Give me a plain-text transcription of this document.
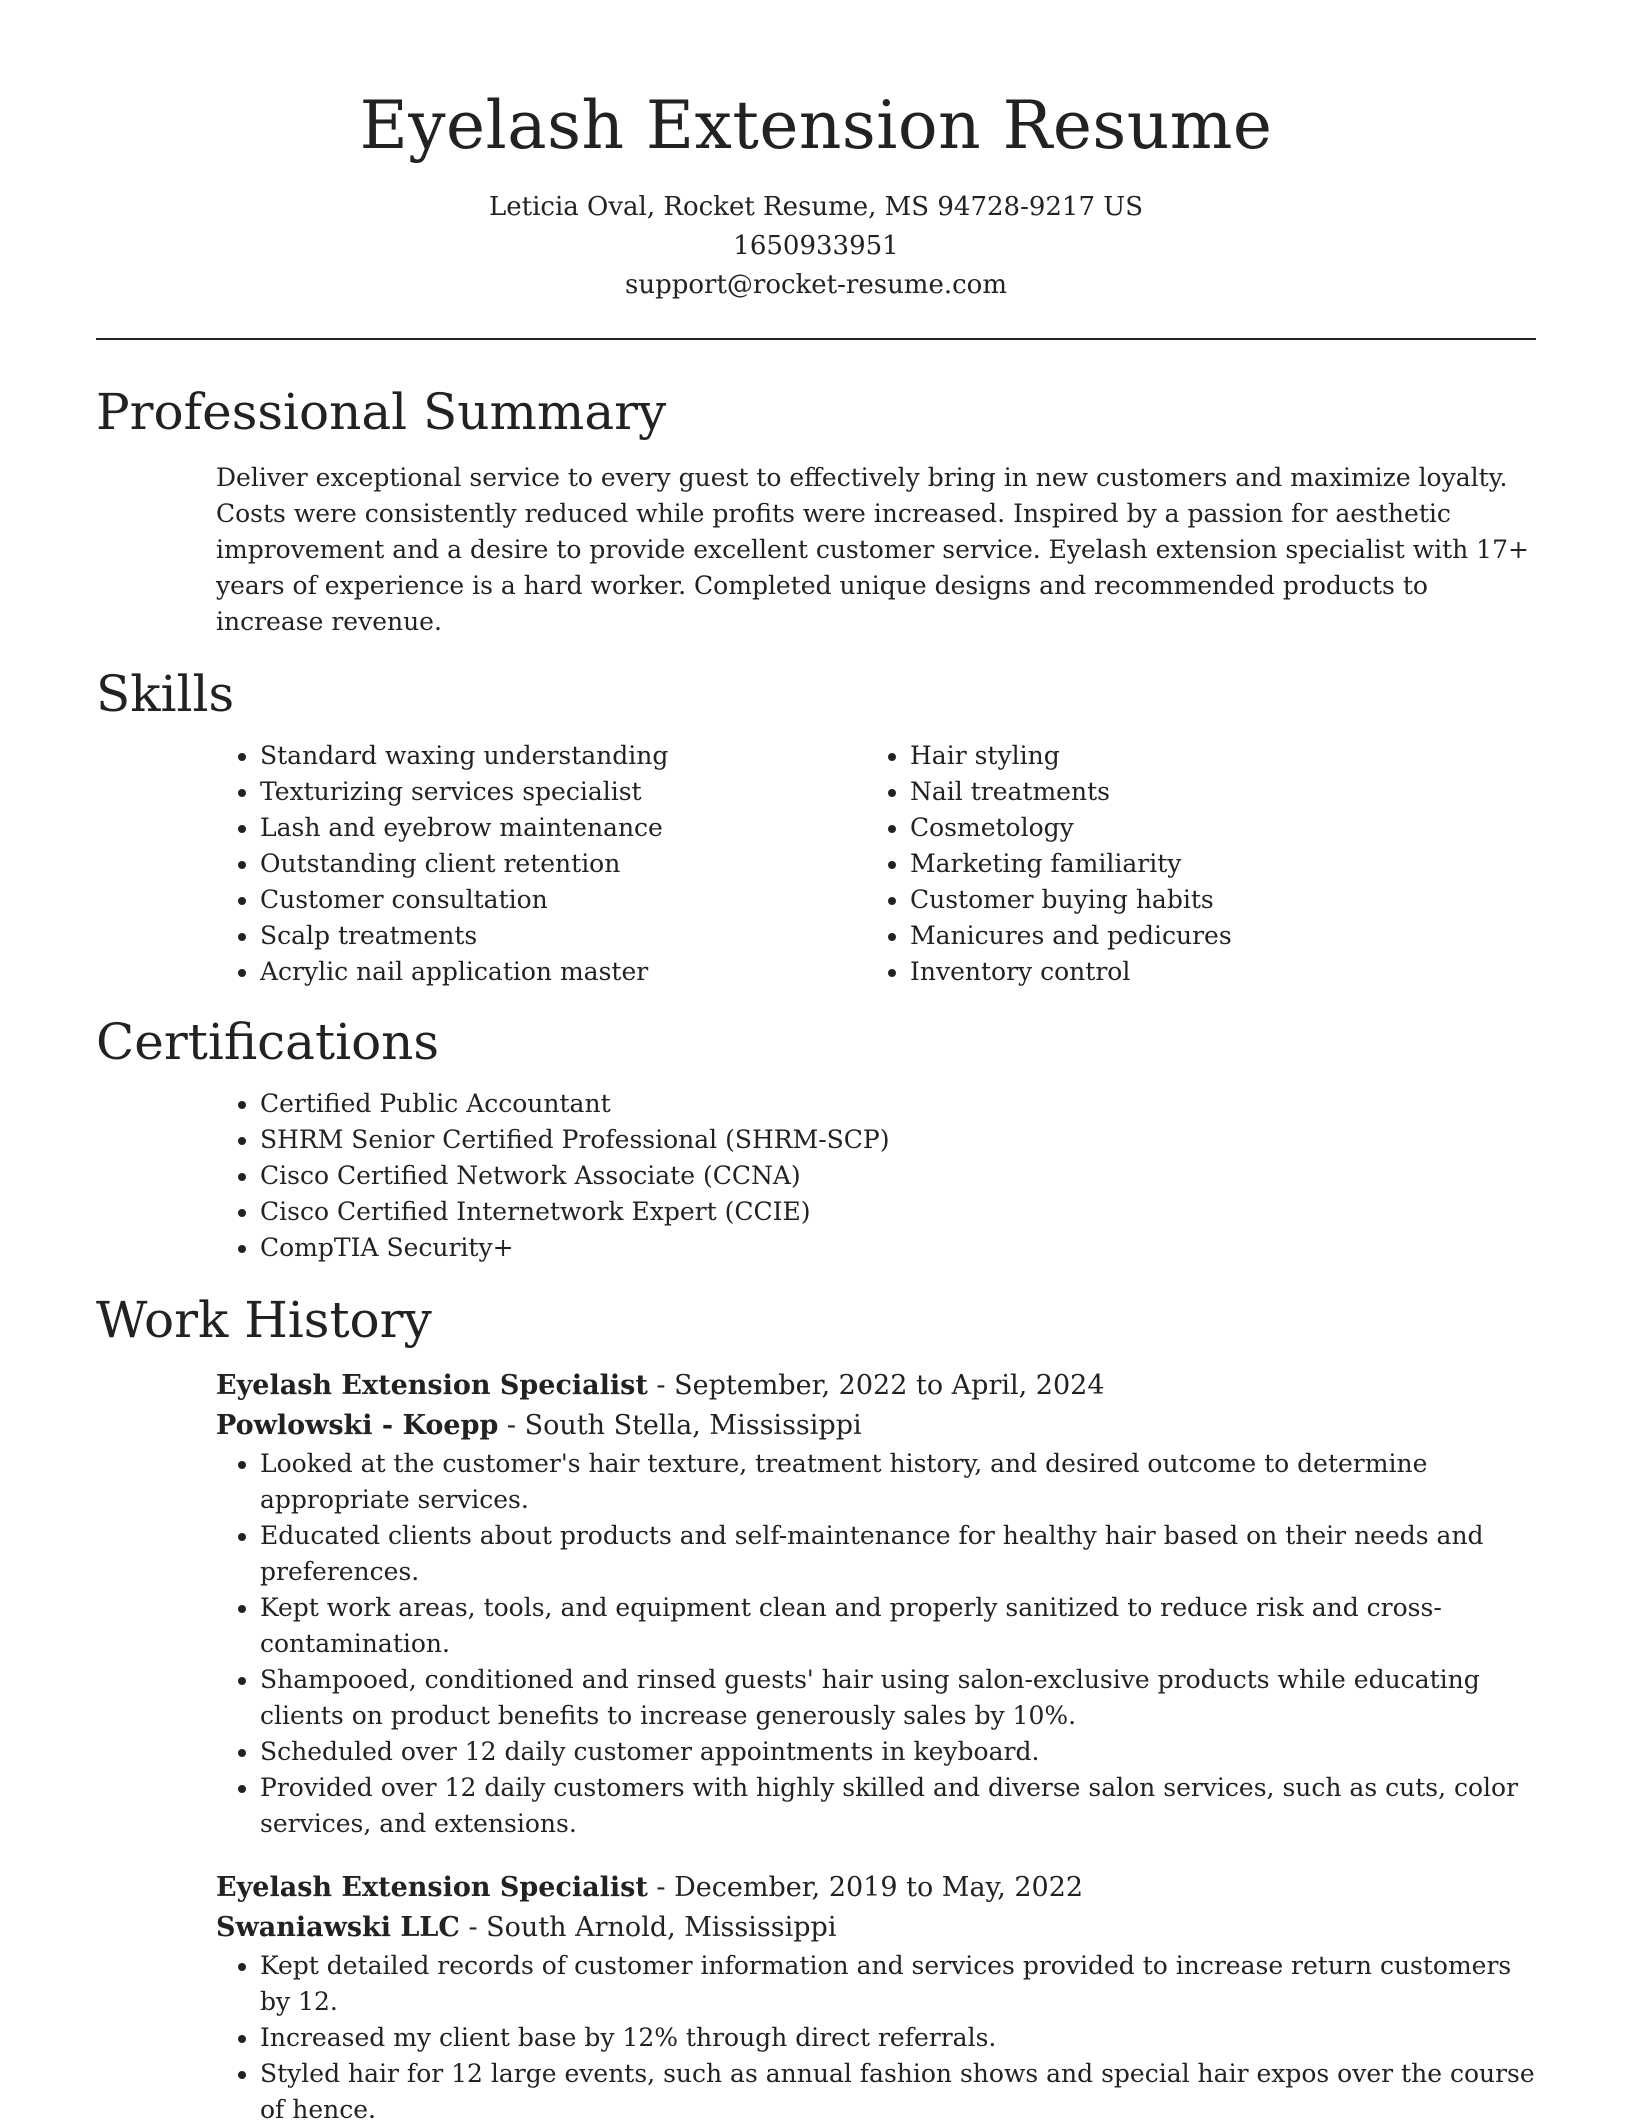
Eyelash Extension Resume
Leticia Oval, Rocket Resume, MS 94728-9217 US
1650933951
support@rocket-resume.com
Professional Summary

Deliver exceptional service to every guest to effectively bring in new customers and maximize loyalty. Costs were consistently reduced while profits were increased. Inspired by a passion for aesthetic improvement and a desire to provide excellent customer service. Eyelash extension specialist with 17+ years of experience is a hard worker. Completed unique designs and recommended products to increase revenue.

Skills
• Standard waxing understanding
• Texturizing services specialist
• Lash and eyebrow maintenance
• Outstanding client retention
• Customer consultation
• Scalp treatments
• Acrylic nail application master
• Hair styling
• Nail treatments
• Cosmetology
• Marketing familiarity
• Customer buying habits
• Manicures and pedicures
• Inventory control
Certifications
• Certified Public Accountant
• SHRM Senior Certified Professional (SHRM-SCP)
• Cisco Certified Network Associate (CCNA)
• Cisco Certified Internetwork Expert (CCIE)
• CompTIA Security+
Work History
Eyelash Extension Specialist - September, 2022 to April, 2024
Powlowski - Koepp - South Stella, Mississippi
• Looked at the customer's hair texture, treatment history, and desired outcome to determine appropriate services.
• Educated clients about products and self-maintenance for healthy hair based on their needs and preferences.
• Kept work areas, tools, and equipment clean and properly sanitized to reduce risk and cross-contamination.
• Shampooed, conditioned and rinsed guests' hair using salon-exclusive products while educating clients on product benefits to increase generously sales by 10%.
• Scheduled over 12 daily customer appointments in keyboard.
• Provided over 12 daily customers with highly skilled and diverse salon services, such as cuts, color services, and extensions.
Eyelash Extension Specialist - December, 2019 to May, 2022
Swaniawski LLC - South Arnold, Mississippi
• Kept detailed records of customer information and services provided to increase return customers by 12.
• Increased my client base by 12% through direct referrals.
• Styled hair for 12 large events, such as annual fashion shows and special hair expos over the course of hence.
